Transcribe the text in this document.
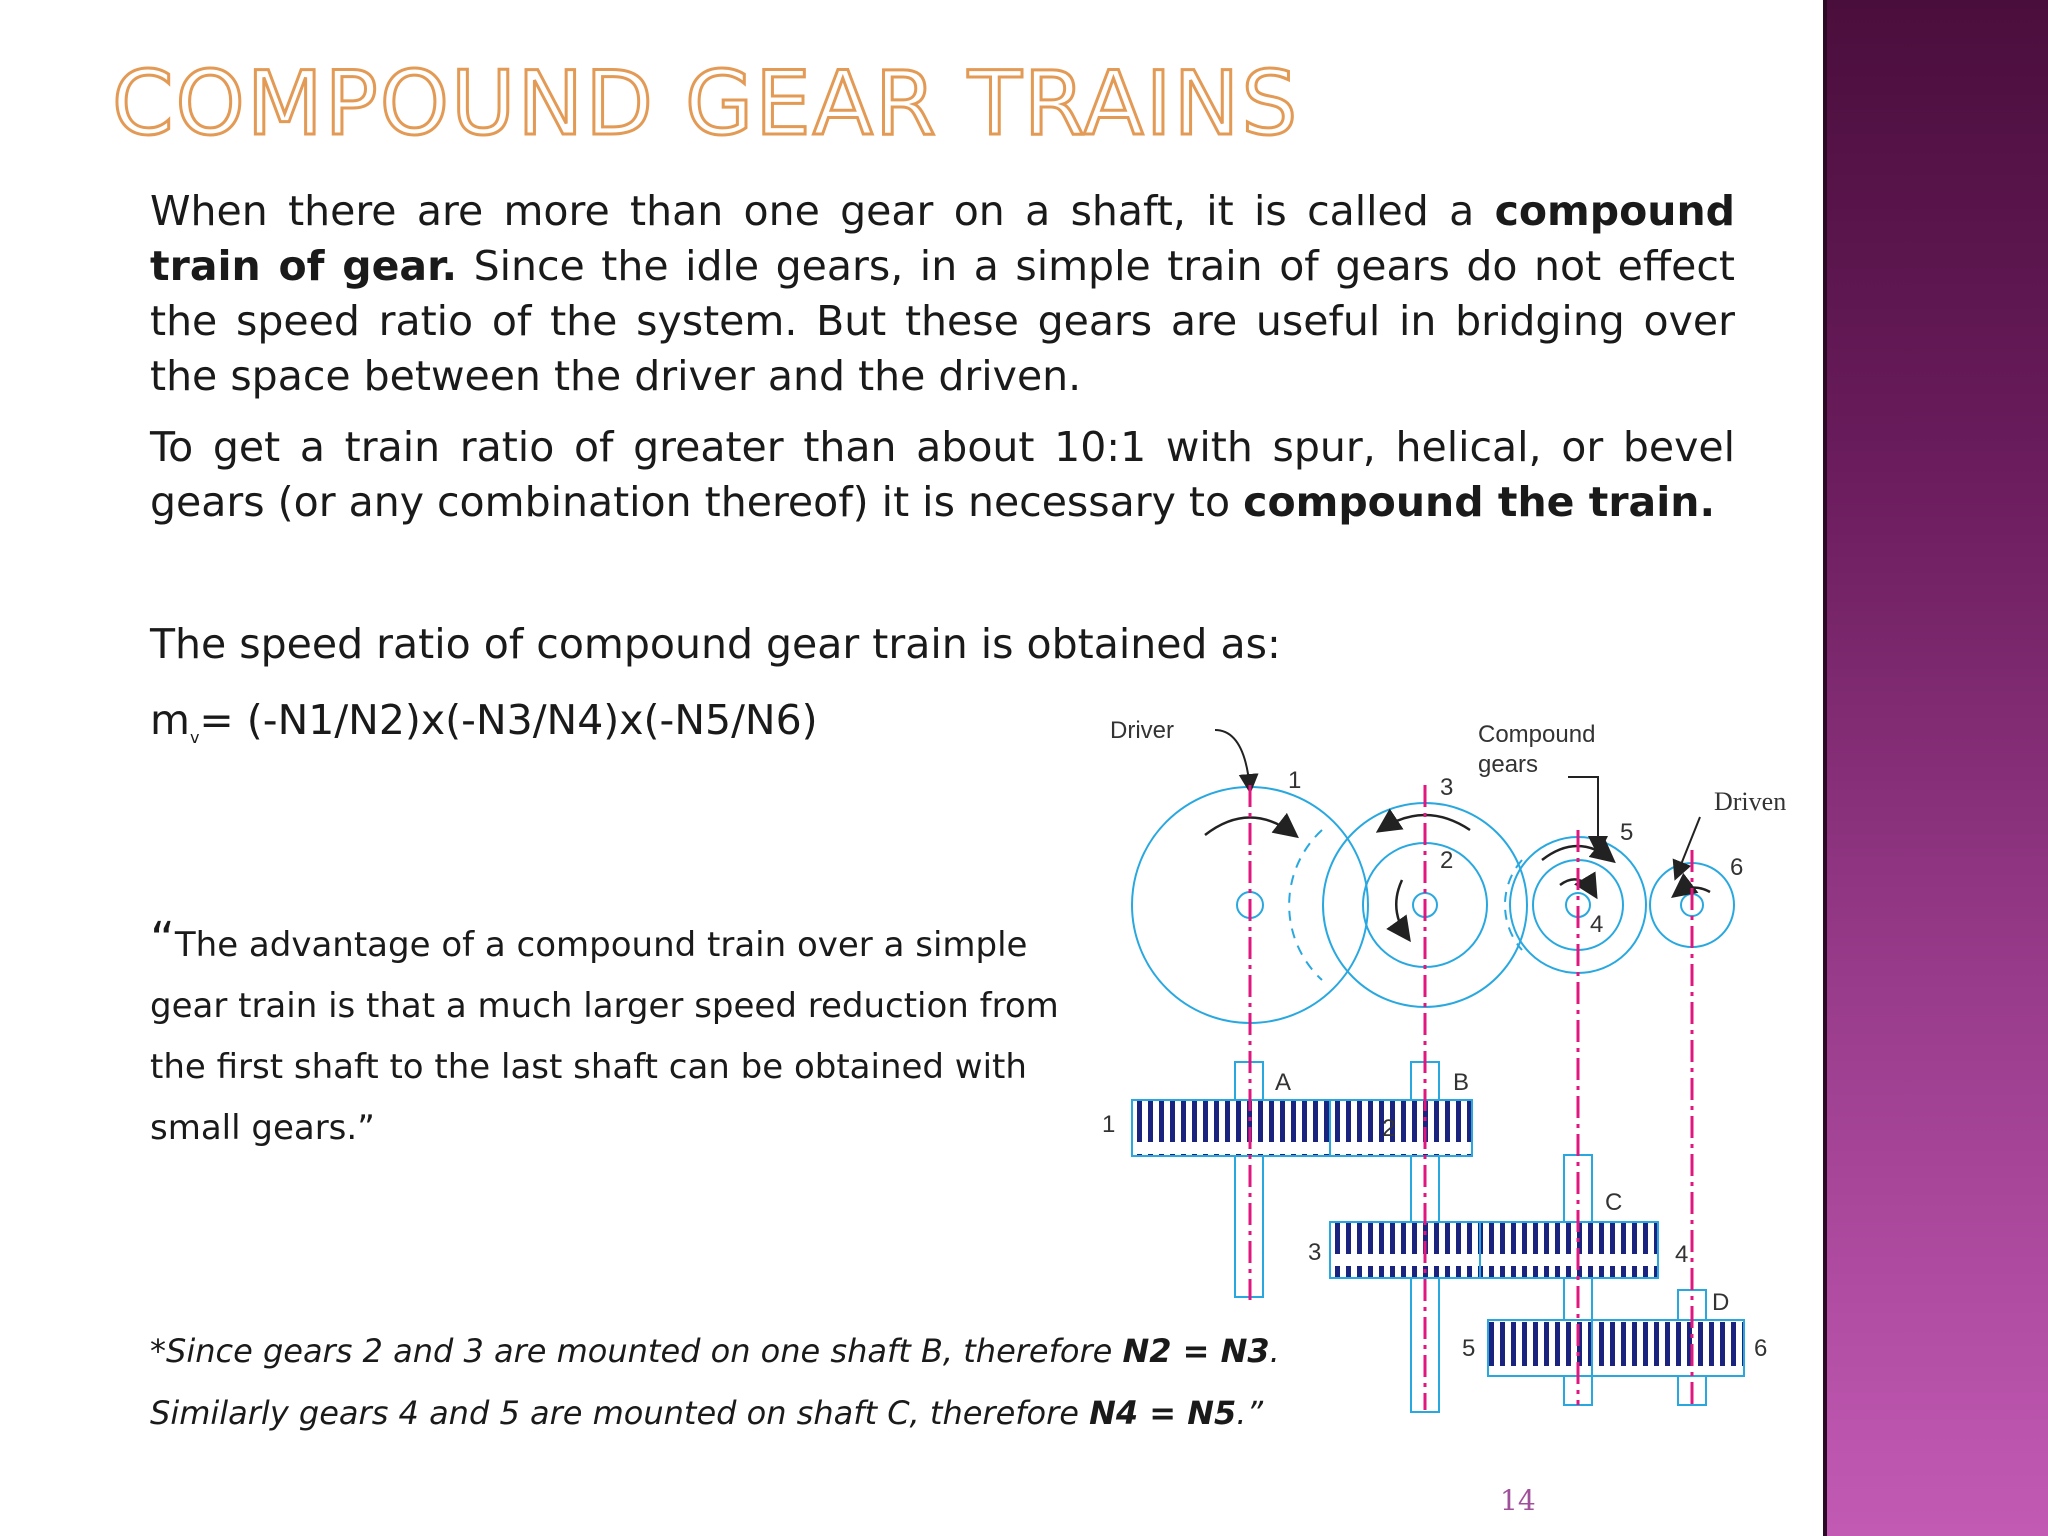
COMPOUND GEAR TRAINS
When there are more than one gear on a shaft, it is called a compound train of gear. Since the idle gears, in a simple train of gears do not effect the speed ratio of the system. But these gears are useful in bridging over the space between the driver and the driven.
To get a train ratio of greater than about 10:1 with spur, helical, or bevel gears (or any combination thereof) it is necessary to compound the train.
The speed ratio of compound gear train is obtained as:
$m_v= (-N1/N2)x(-N3/N4)x(-N5/N6)$
“The advantage of a compound train over a simple gear train is that a much larger speed reduction from the first shaft to the last shaft can be obtained with small gears.”
*Since gears 2 and 3 are mounted on one shaft B, therefore N2 = N3. Similarly gears 4 and 5 are mounted on shaft C, therefore N4 = N5.”
14
Driver	Compound
gears
Driven
1
2
3
4
5
6
A	B
C
D
1	2
3	4
5	6
